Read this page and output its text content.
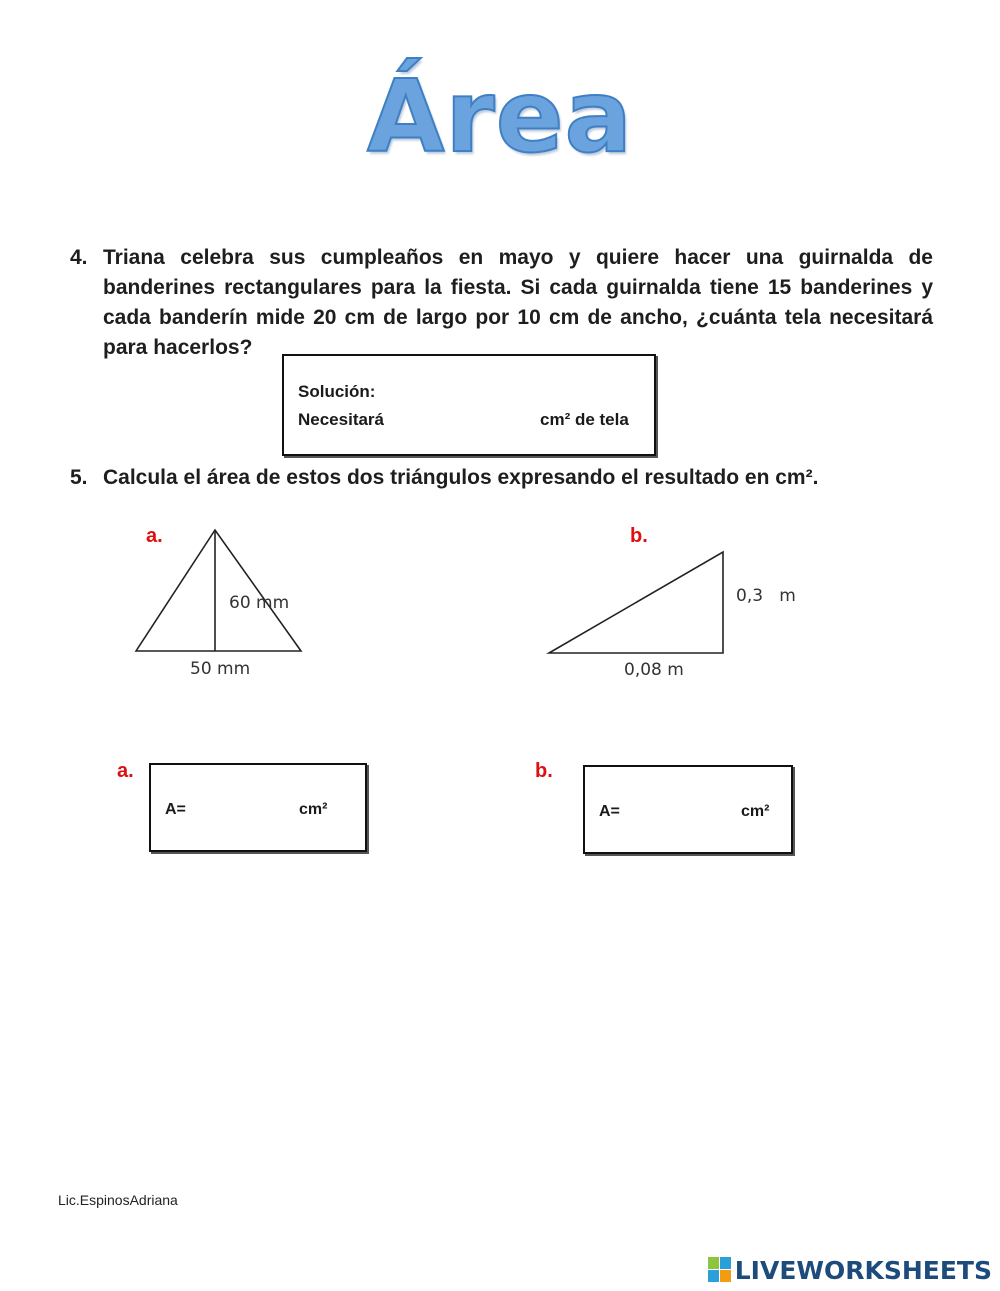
Área
4. Triana celebra sus cumpleaños en mayo y quiere hacer una guirnalda de banderines rectangulares para la fiesta. Si cada guirnalda tiene 15 banderines y cada banderín mide 20 cm de largo por 10 cm de ancho, ¿cuánta tela necesitará para hacerlos?
Solución:
Necesitará	cm² de tela
5. Calcula el área de estos dos triángulos expresando el resultado en cm².
a.
60 mm
50 mm
b.
0,3   m
0,08 m
a.
A=	cm²
b.
A=	cm²
Lic.EspinosAdriana
LIVEWORKSHEETS
